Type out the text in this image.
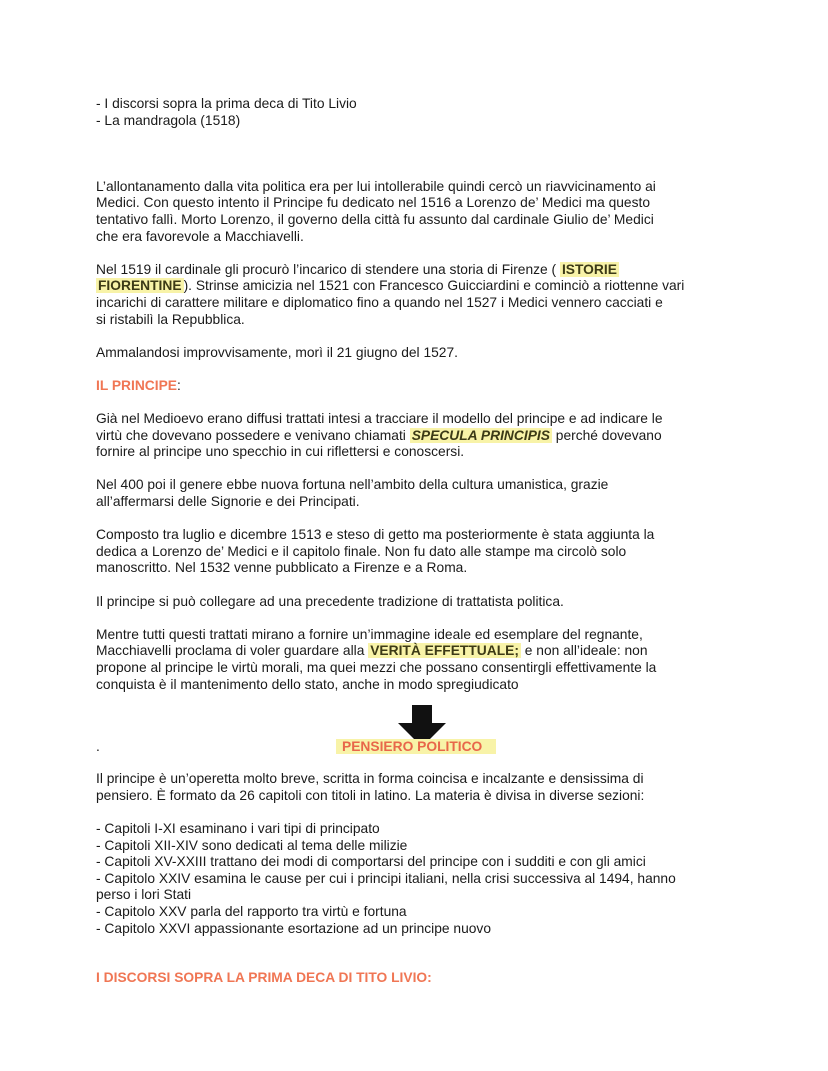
- I discorsi sopra la prima deca di Tito Livio
- La mandragola (1518)

L’allontanamento dalla vita politica era per lui intollerabile quindi cercò un riavvicinamento ai
Medici. Con questo intento il Principe fu dedicato nel 1516 a Lorenzo de’ Medici ma questo
tentativo fallì. Morto Lorenzo, il governo della città fu assunto dal cardinale Giulio de’ Medici
che era favorevole a Macchiavelli.

Nel 1519 il cardinale gli procurò l’incarico di stendere una storia di Firenze ( ISTORIE
FIORENTINE ). Strinse amicizia nel 1521 con Francesco Guicciardini e cominciò a riottenne vari
incarichi di carattere militare e diplomatico fino a quando nel 1527 i Medici vennero cacciati e
si ristabilì la Repubblica.

Ammalandosi improvvisamente, morì il 21 giugno del 1527.

IL PRINCIPE:

Già nel Medioevo erano diffusi trattati intesi a tracciare il modello del principe e ad indicare le
virtù che dovevano possedere e venivano chiamati SPECULA PRINCIPIS perché dovevano
fornire al principe uno specchio in cui riflettersi e conoscersi.

Nel 400 poi il genere ebbe nuova fortuna nell’ambito della cultura umanistica, grazie
all’affermarsi delle Signorie e dei Principati.

Composto tra luglio e dicembre 1513 e steso di getto ma posteriormente è stata aggiunta la
dedica a Lorenzo de’ Medici e il capitolo finale. Non fu dato alle stampe ma circolò solo
manoscritto. Nel 1532 venne pubblicato a Firenze e a Roma.

Il principe si può collegare ad una precedente tradizione di trattatista politica.

Mentre tutti questi trattati mirano a fornire un’immagine ideale ed esemplare del regnante,
Macchiavelli proclama di voler guardare alla VERITÀ EFFETTUALE; e non all’ideale: non
propone al principe le virtù morali, ma quei mezzi che possano consentirgli effettivamente la
conquista è il mantenimento dello stato, anche in modo spregiudicato

.	PENSIERO POLITICO

Il principe è un’operetta molto breve, scritta in forma coincisa e incalzante e densissima di
pensiero. È formato da 26 capitoli con titoli in latino. La materia è divisa in diverse sezioni:

- Capitoli I-XI esaminano i vari tipi di principato
- Capitoli XII-XIV sono dedicati al tema delle milizie
- Capitoli XV-XXIII trattano dei modi di comportarsi del principe con i sudditi e con gli amici
- Capitolo XXIV esamina le cause per cui i principi italiani, nella crisi successiva al 1494, hanno
perso i lori Stati
- Capitolo XXV parla del rapporto tra virtù e fortuna
- Capitolo XXVI appassionante esortazione ad un principe nuovo

I DISCORSI SOPRA LA PRIMA DECA DI TITO LIVIO:
